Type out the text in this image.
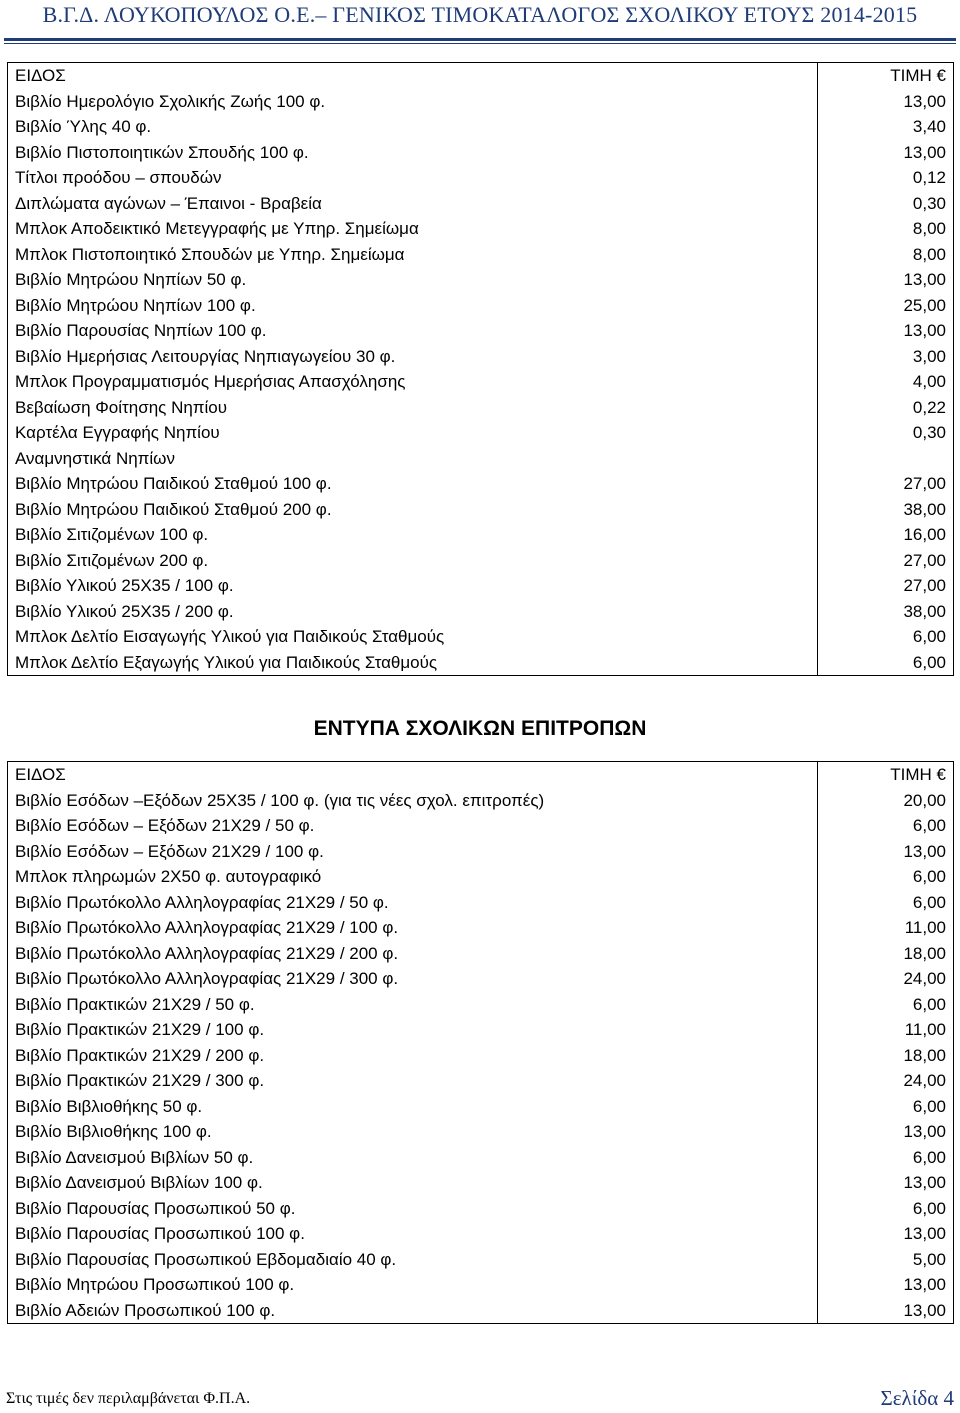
Β.Γ.Δ. ΛΟΥΚΟΠΟΥΛΟΣ Ο.Ε.– ΓΕΝΙΚΟΣ ΤΙΜΟΚΑΤΑΛΟΓΟΣ ΣΧΟΛΙΚΟΥ ΕΤΟΥΣ 2014-2015
ΕΙΔΟΣ	ΤΙΜΗ €
Βιβλίο Ημερολόγιο Σχολικής Ζωής 100 φ.	13,00
Βιβλίο Ύλης 40 φ.	3,40
Βιβλίο Πιστοποιητικών Σπουδής 100 φ.	13,00
Τίτλοι προόδου – σπουδών	0,12
Διπλώματα αγώνων – Έπαινοι - Βραβεία	0,30
Μπλοκ Αποδεικτικό Μετεγγραφής με Υπηρ. Σημείωμα	8,00
Μπλοκ Πιστοποιητικό Σπουδών με Υπηρ. Σημείωμα	8,00
Βιβλίο Μητρώου Νηπίων 50 φ.	13,00
Βιβλίο Μητρώου Νηπίων 100 φ.	25,00
Βιβλίο Παρουσίας Νηπίων 100 φ.	13,00
Βιβλίο Ημερήσιας Λειτουργίας Νηπιαγωγείου 30 φ.	3,00
Μπλοκ Προγραμματισμός Ημερήσιας Απασχόλησης	4,00
Βεβαίωση Φοίτησης Νηπίου	0,22
Καρτέλα Εγγραφής Νηπίου	0,30
Αναμνηστικά Νηπίων	
Βιβλίο Μητρώου Παιδικού Σταθμού 100 φ.	27,00
Βιβλίο Μητρώου Παιδικού Σταθμού 200 φ.	38,00
Βιβλίο Σιτιζομένων 100 φ.	16,00
Βιβλίο Σιτιζομένων 200 φ.	27,00
Βιβλίο Υλικού 25Χ35 / 100 φ.	27,00
Βιβλίο Υλικού 25Χ35 / 200 φ.	38,00
Μπλοκ Δελτίο Εισαγωγής Υλικού για Παιδικούς Σταθμούς	6,00
Μπλοκ Δελτίο Εξαγωγής Υλικού για Παιδικούς Σταθμούς	6,00
ΕΝΤΥΠΑ ΣΧΟΛΙΚΩΝ ΕΠΙΤΡΟΠΩΝ
ΕΙΔΟΣ	ΤΙΜΗ €
Βιβλίο Εσόδων –Εξόδων 25Χ35 / 100 φ. (για τις νέες σχολ. επιτροπές)	20,00
Βιβλίο Εσόδων – Εξόδων 21Χ29 / 50 φ.	6,00
Βιβλίο Εσόδων – Εξόδων 21Χ29 / 100 φ.	13,00
Μπλοκ πληρωμών 2Χ50 φ. αυτογραφικό	6,00
Βιβλίο Πρωτόκολλο Αλληλογραφίας 21Χ29 / 50 φ.	6,00
Βιβλίο Πρωτόκολλο Αλληλογραφίας 21Χ29 / 100 φ.	11,00
Βιβλίο Πρωτόκολλο Αλληλογραφίας 21Χ29 / 200 φ.	18,00
Βιβλίο Πρωτόκολλο Αλληλογραφίας 21Χ29 / 300 φ.	24,00
Βιβλίο Πρακτικών 21Χ29 / 50 φ.	6,00
Βιβλίο Πρακτικών 21Χ29 / 100 φ.	11,00
Βιβλίο Πρακτικών 21Χ29 / 200 φ.	18,00
Βιβλίο Πρακτικών 21Χ29 / 300 φ.	24,00
Βιβλίο Βιβλιοθήκης 50 φ.	6,00
Βιβλίο Βιβλιοθήκης 100 φ.	13,00
Βιβλίο Δανεισμού Βιβλίων 50 φ.	6,00
Βιβλίο Δανεισμού Βιβλίων 100 φ.	13,00
Βιβλίο Παρουσίας Προσωπικού 50 φ.	6,00
Βιβλίο Παρουσίας Προσωπικού 100 φ.	13,00
Βιβλίο Παρουσίας Προσωπικού Εβδομαδιαίο 40 φ.	5,00
Βιβλίο Μητρώου Προσωπικού 100 φ.	13,00
Βιβλίο Αδειών Προσωπικού 100 φ.	13,00
Στις τιμές δεν περιλαμβάνεται Φ.Π.Α.	Σελίδα 4
